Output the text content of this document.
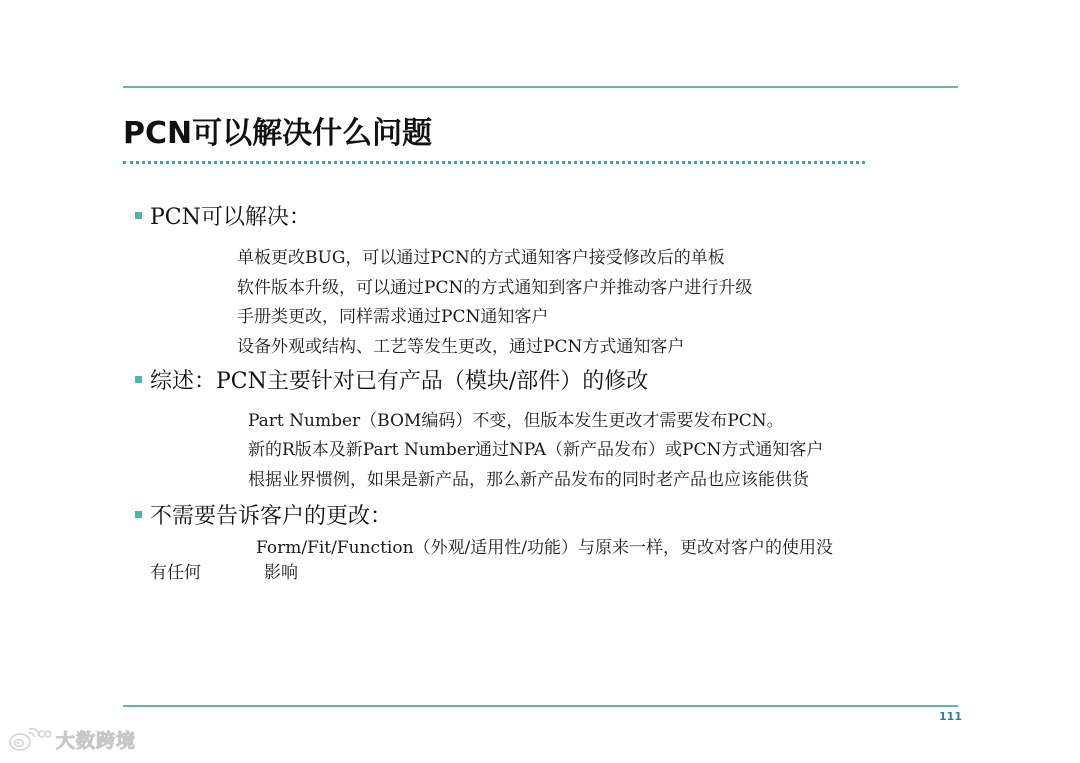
PCN可以解决什么问题
PCN可以解决：
单板更改BUG，可以通过PCN的方式通知客户接受修改后的单板
软件版本升级，可以通过PCN的方式通知到客户并推动客户进行升级
手册类更改，同样需求通过PCN通知客户
设备外观或结构、工艺等发生更改，通过PCN方式通知客户
综述：PCN主要针对已有产品（模块/部件）的修改
Part Number（BOM编码）不变，但版本发生更改才需要发布PCN。
新的R版本及新Part Number通过NPA（新产品发布）或PCN方式通知客户
根据业界惯例，如果是新产品，那么新产品发布的同时老产品也应该能供货
不需要告诉客户的更改：
Form/Fit/Function（外观/适用性/功能）与原来一样，更改对客户的使用没
有任何	影响
111
大数跨境
